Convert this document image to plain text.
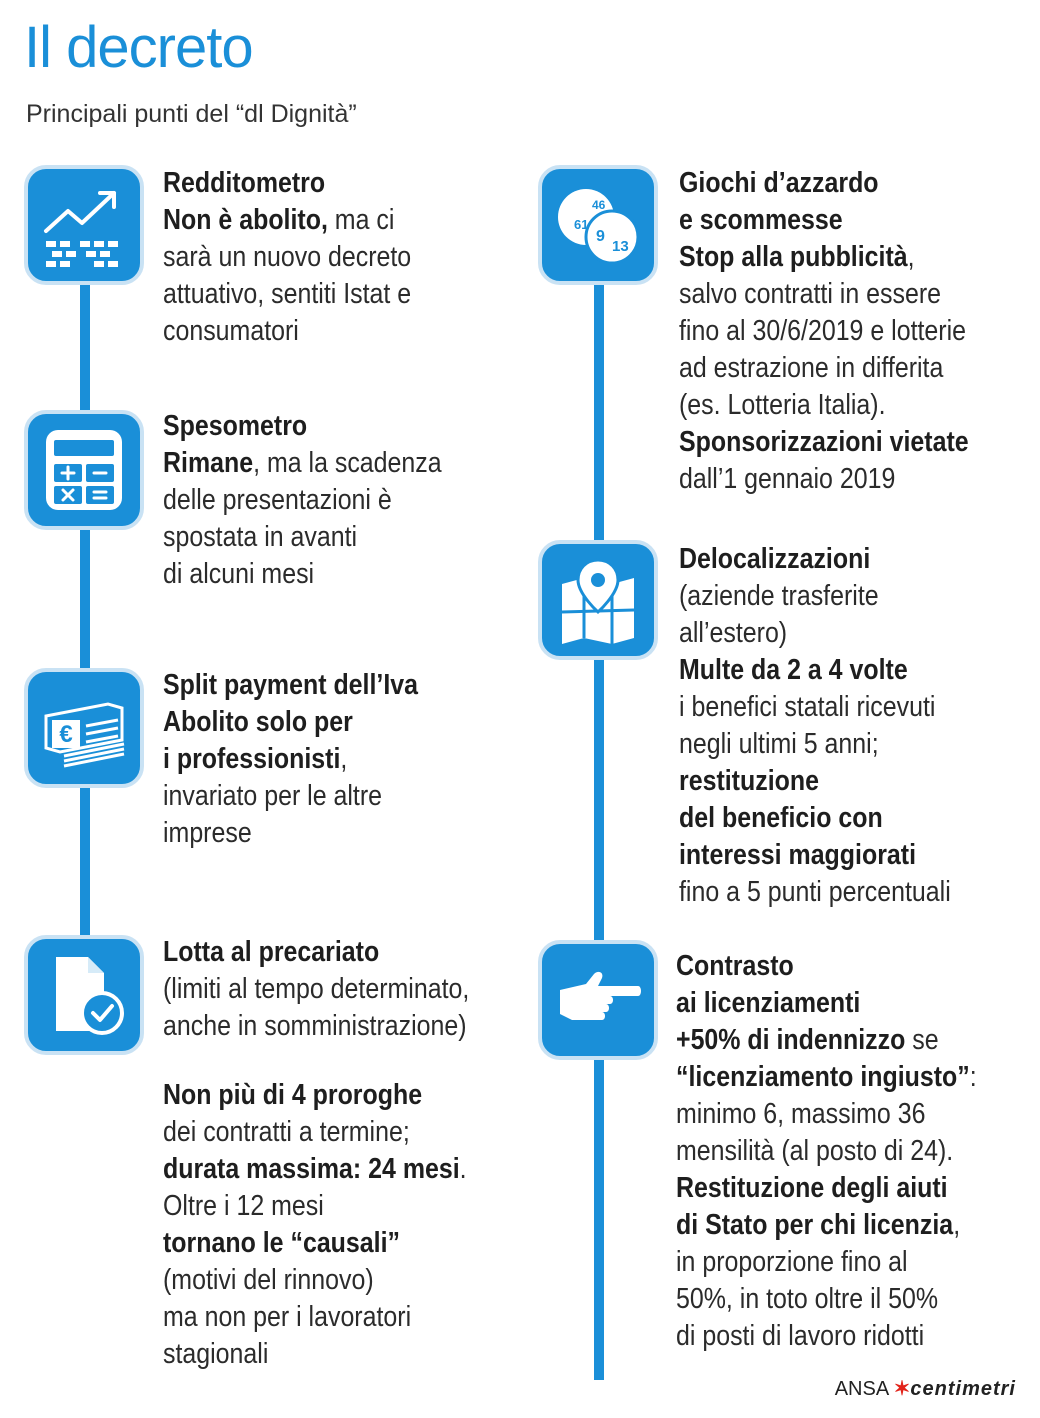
Il decreto
Principali punti del “dl Dignità”
€
61
46
9
13
Redditometro
Non è abolito, ma ci
sarà un nuovo decreto
attuativo, sentiti Istat e
consumatori
Spesometro
Rimane, ma la scadenza
delle presentazioni è
spostata in avanti
di alcuni mesi
Split payment dell’Iva
Abolito solo per
i professionisti,
invariato per le altre
imprese
Lotta al precariato
(limiti al tempo determinato,
anche in somministrazione)
Non più di 4 proroghe
dei contratti a termine;
durata massima: 24 mesi.
Oltre i 12 mesi
tornano le “causali”
(motivi del rinnovo)
ma non per i lavoratori
stagionali
Giochi d’azzardo
e scommesse
Stop alla pubblicità,
salvo contratti in essere
fino al 30/6/2019 e lotterie
ad estrazione in differita
(es. Lotteria Italia).
Sponsorizzazioni vietate
dall’1 gennaio 2019
Delocalizzazioni
(aziende trasferite
all’estero)
Multe da 2 a 4 volte
i benefici statali ricevuti
negli ultimi 5 anni;
restituzione
del beneficio con
interessi maggiorati
fino a 5 punti percentuali
Contrasto
ai licenziamenti
+50% di indennizzo se
“licenziamento ingiusto”:
minimo 6, massimo 36
mensilità (al posto di 24).
Restituzione degli aiuti
di Stato per chi licenzia,
in proporzione fino al
50%, in toto oltre il 50%
di posti di lavoro ridotti
ANSA ✶centimetri
